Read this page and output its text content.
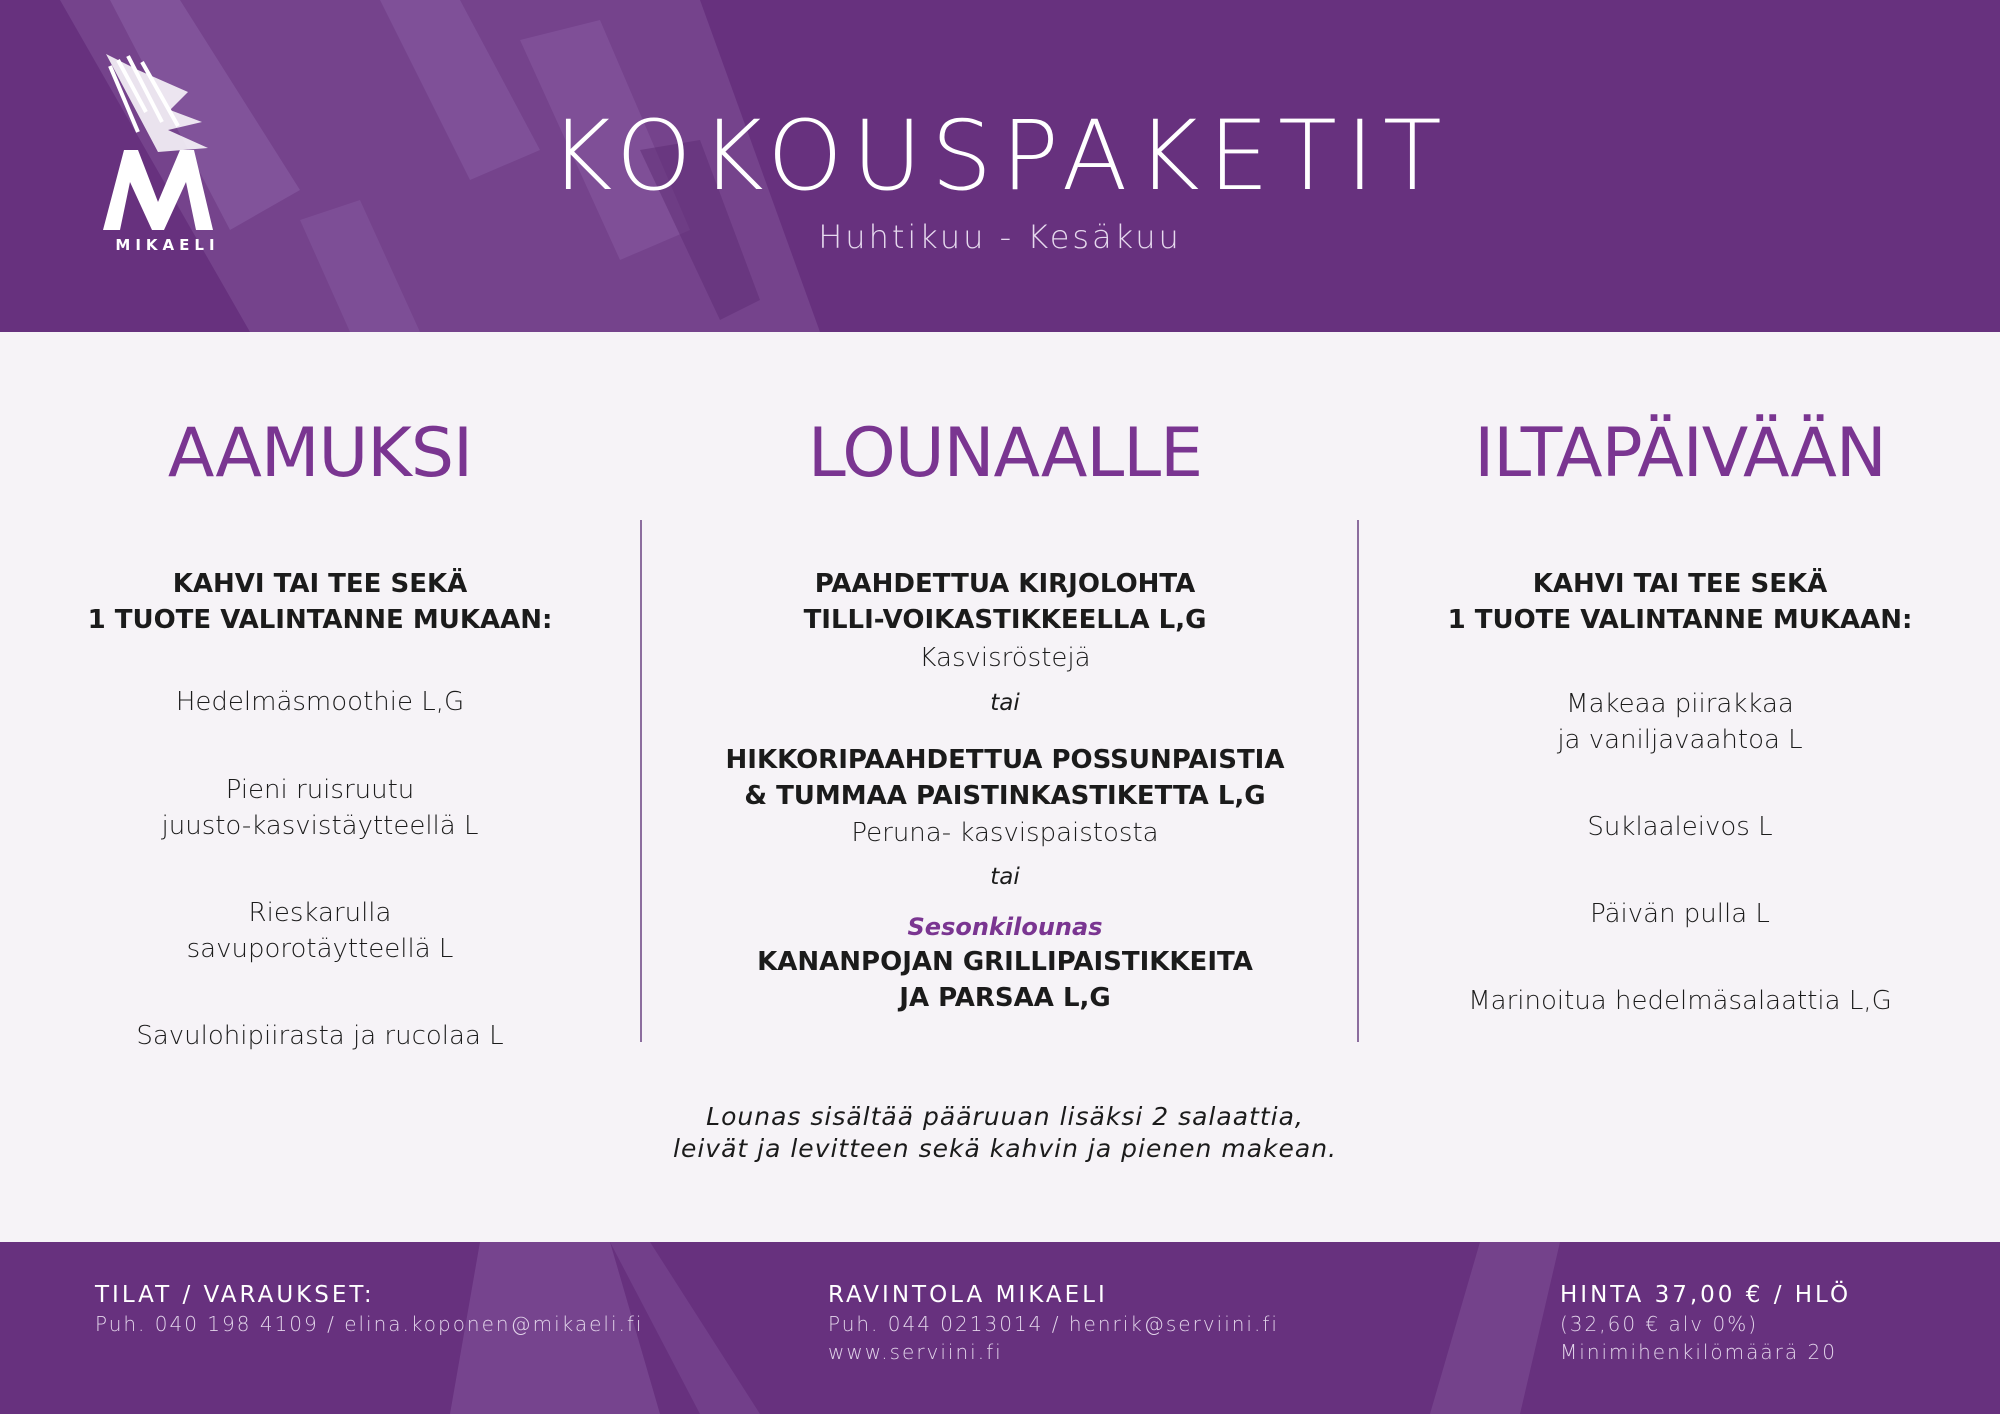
MIKAELI
KOKOUSPAKETIT
Huhtikuu - Kesäkuu
AAMUKSI	LOUNAALLE	ILTAPÄIVÄÄN
KAHVI TAI TEE SEKÄ
1 TUOTE VALINTANNE MUKAAN:
Hedelmäsmoothie L,G
Pieni ruisruutu
juusto-kasvistäytteellä L
Rieskarulla
savuporotäytteellä L
Savulohipiirasta ja rucolaa L
PAAHDETTUA KIRJOLOHTA
TILLI-VOIKASTIKKEELLA L,G
Kasvisröstejä
tai
HIKKORIPAAHDETTUA POSSUNPAISTIA
& TUMMAA PAISTINKASTIKETTA L,G
Peruna- kasvispaistosta
tai
Sesonkilounas
KANANPOJAN GRILLIPAISTIKKEITA
JA PARSAA L,G
Lounas sisältää pääruuan lisäksi 2 salaattia,
leivät ja levitteen sekä kahvin ja pienen makean.
KAHVI TAI TEE SEKÄ
1 TUOTE VALINTANNE MUKAAN:
Makeaa piirakkaa
ja vaniljavaahtoa L
Suklaaleivos L
Päivän pulla L
Marinoitua hedelmäsalaattia L,G
TILAT / VARAUKSET:
Puh. 040 198 4109 / elina.koponen@mikaeli.fi
RAVINTOLA MIKAELI
Puh. 044 0213014 / henrik@serviini.fi
www.serviini.fi
HINTA 37,00 € / HLÖ
(32,60 € alv 0%)
Minimihenkilömäärä 20
